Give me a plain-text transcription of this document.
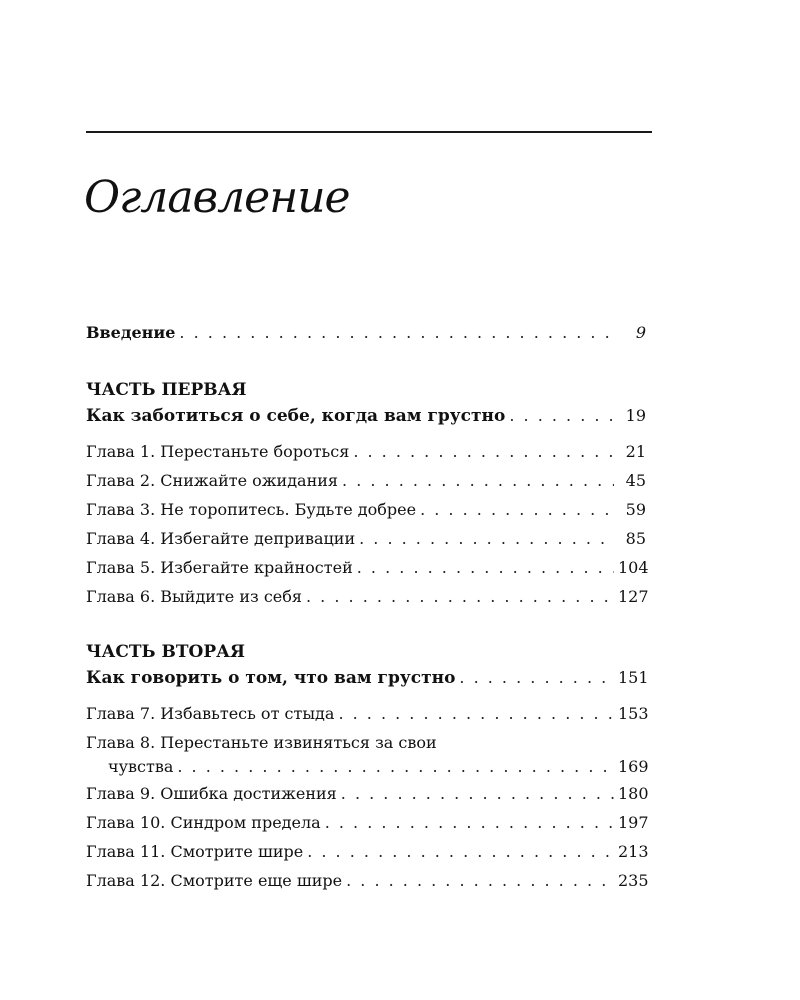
Оглавление
Введение . . .	9
ЧАСТЬ ПЕРВАЯ
Как заботиться о себе, когда вам грустно . . .	19
Глава 1. Перестаньте бороться . . .	21
Глава 2. Снижайте ожидания . . .	45
Глава 3. Не торопитесь. Будьте добрее . . .	59
Глава 4. Избегайте депривации . . .	85
Глава 5. Избегайте крайностей . . .	104
Глава 6. Выйдите из себя . . .	127
ЧАСТЬ ВТОРАЯ
Как говорить о том, что вам грустно . . .	151
Глава 7. Избавьтесь от стыда . . .	153
Глава 8. Перестаньте извиняться за свои
чувства . . .	169
Глава 9. Ошибка достижения . . .	180
Глава 10. Синдром предела . . .	197
Глава 11. Смотрите шире . . .	213
Глава 12. Смотрите еще шире . . .	235
